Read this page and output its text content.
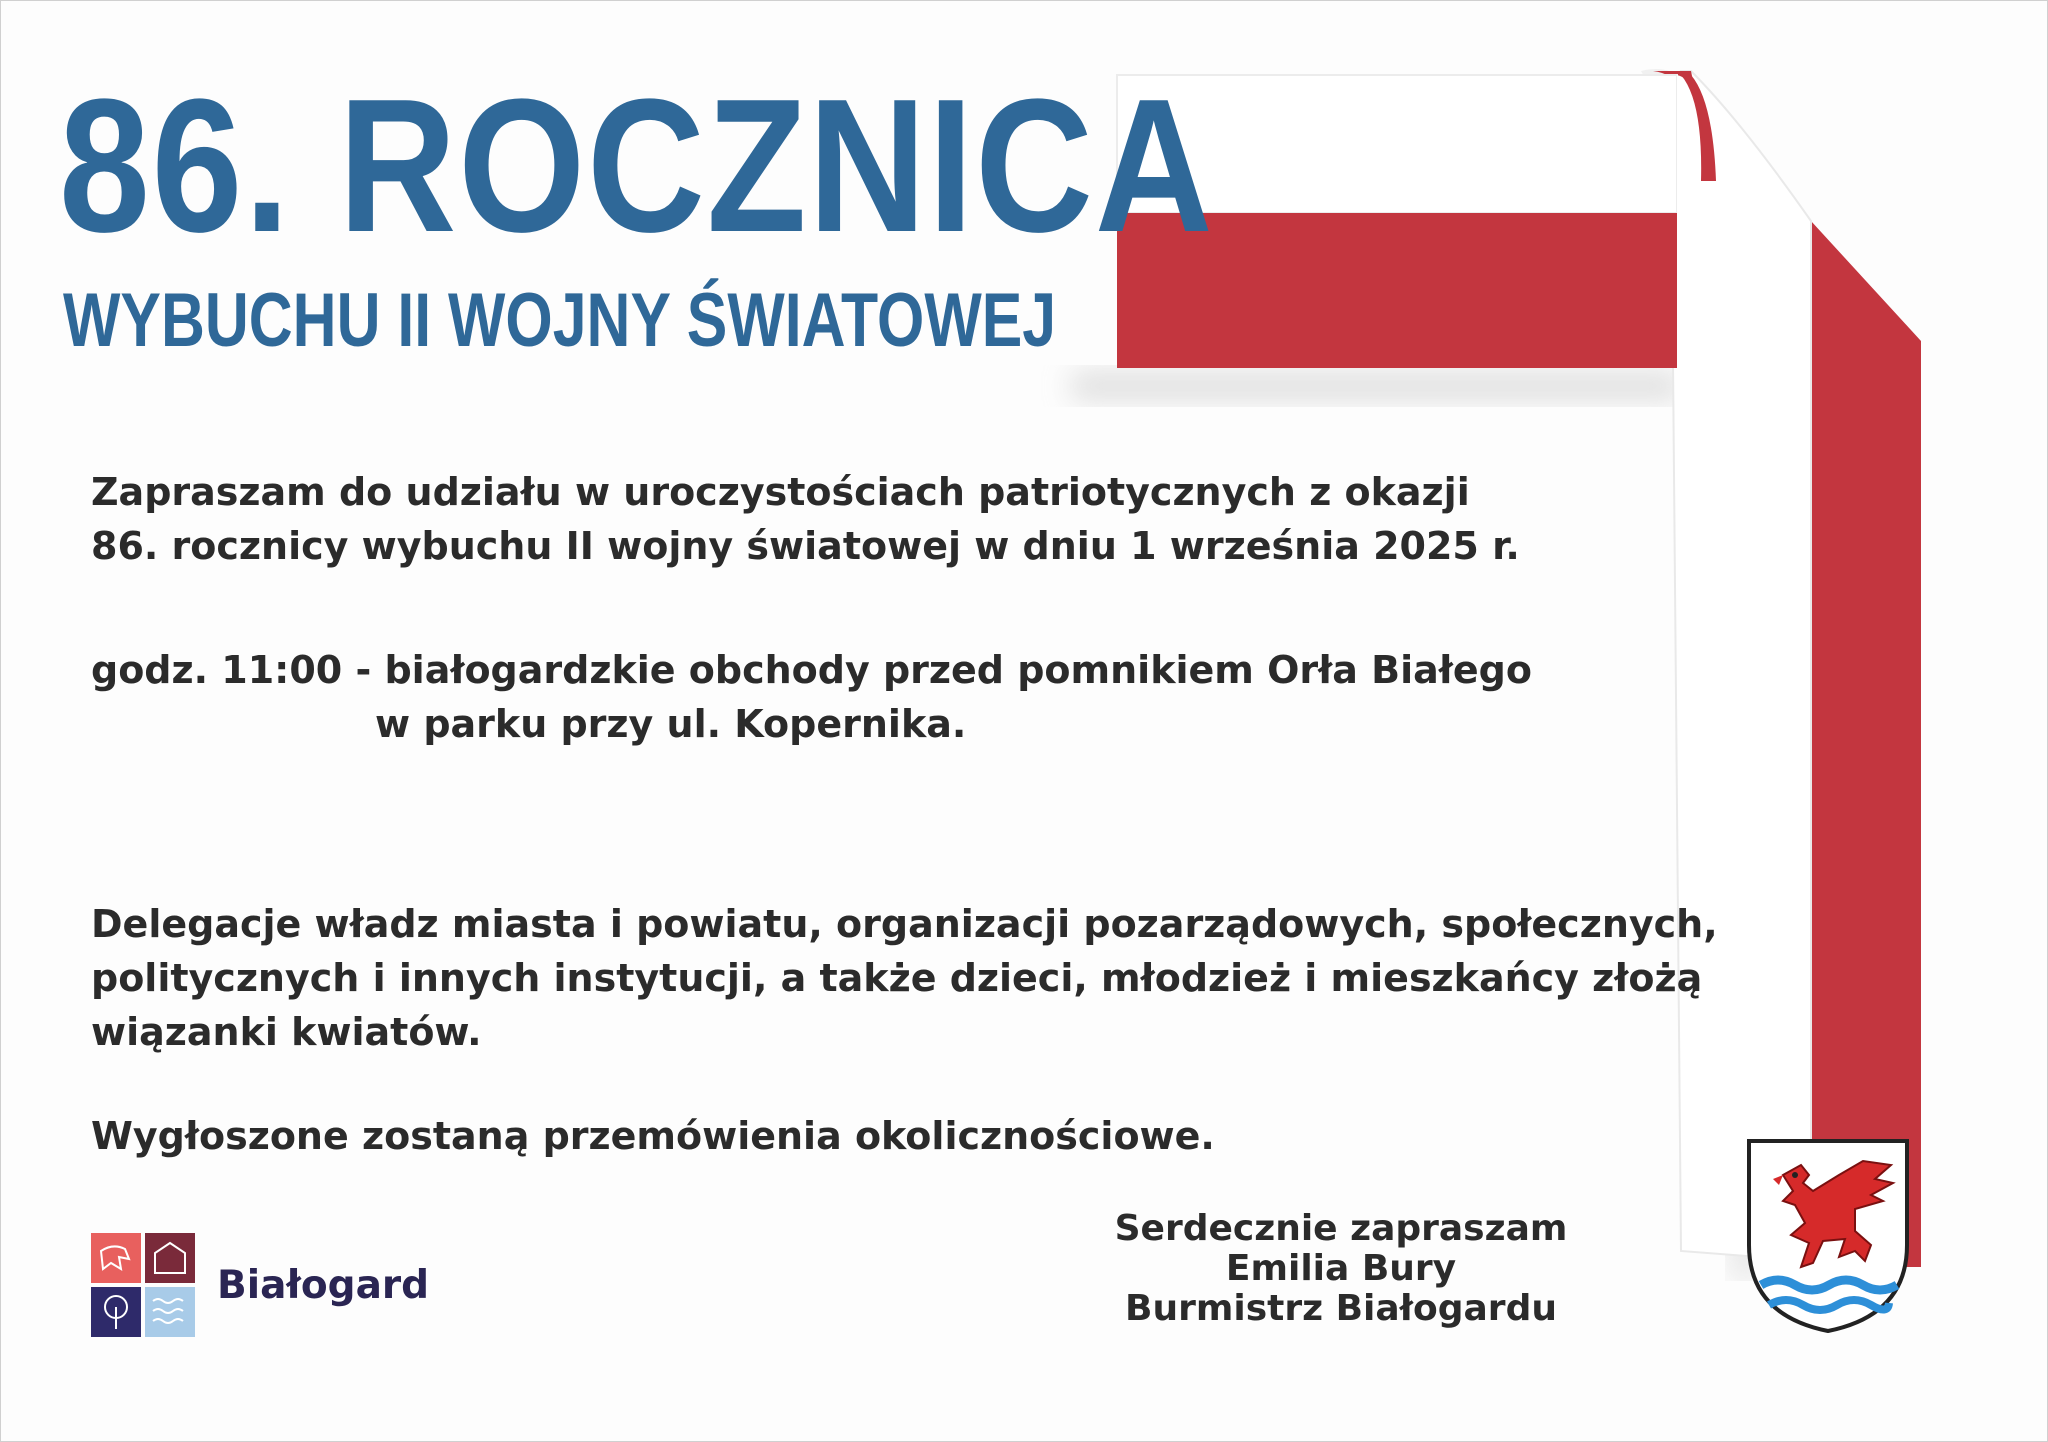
86. ROCZNICA
WYBUCHU II WOJNY ŚWIATOWEJ
Zapraszam do udziału w uroczystościach patriotycznych z okazji
86. rocznicy wybuchu II wojny światowej w dniu 1 września 2025 r.
godz. 11:00 - białogardzkie obchody przed pomnikiem Orła Białego
w parku przy ul. Kopernika.
Delegacje władz miasta i powiatu, organizacji pozarządowych, społecznych,
politycznych i innych instytucji, a także dzieci, młodzież i mieszkańcy złożą
wiązanki kwiatów.
Wygłoszone zostaną przemówienia okolicznościowe.
Serdecznie zapraszam
Emilia Bury
Burmistrz Białogardu
Białogard
